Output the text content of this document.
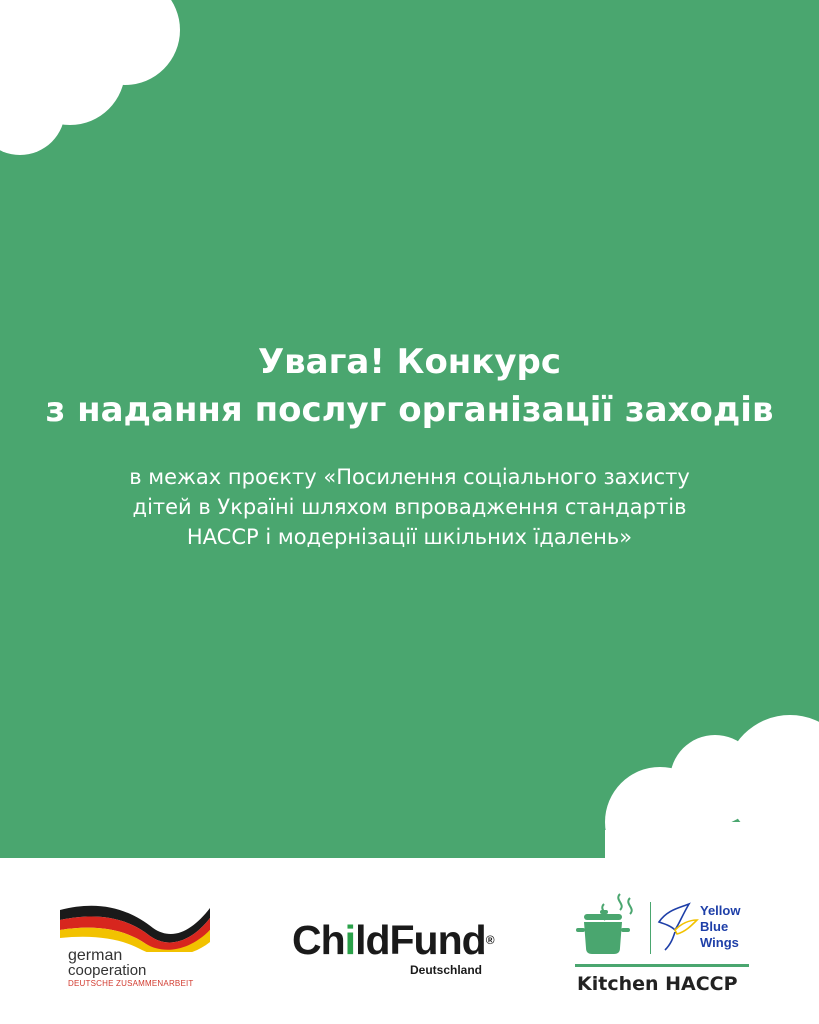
Увага! Конкурс
з надання послуг організації заходів
в межах проєкту «Посилення соціального захисту
дітей в Україні шляхом впровадження стандартів
HACCP і модернізації шкільних їдалень»
german
cooperation
DEUTSCHE ZUSAMMENARBEIT
ChildFund®
Deutschland
Yellow
Blue
Wings
Kitchen HACCP
